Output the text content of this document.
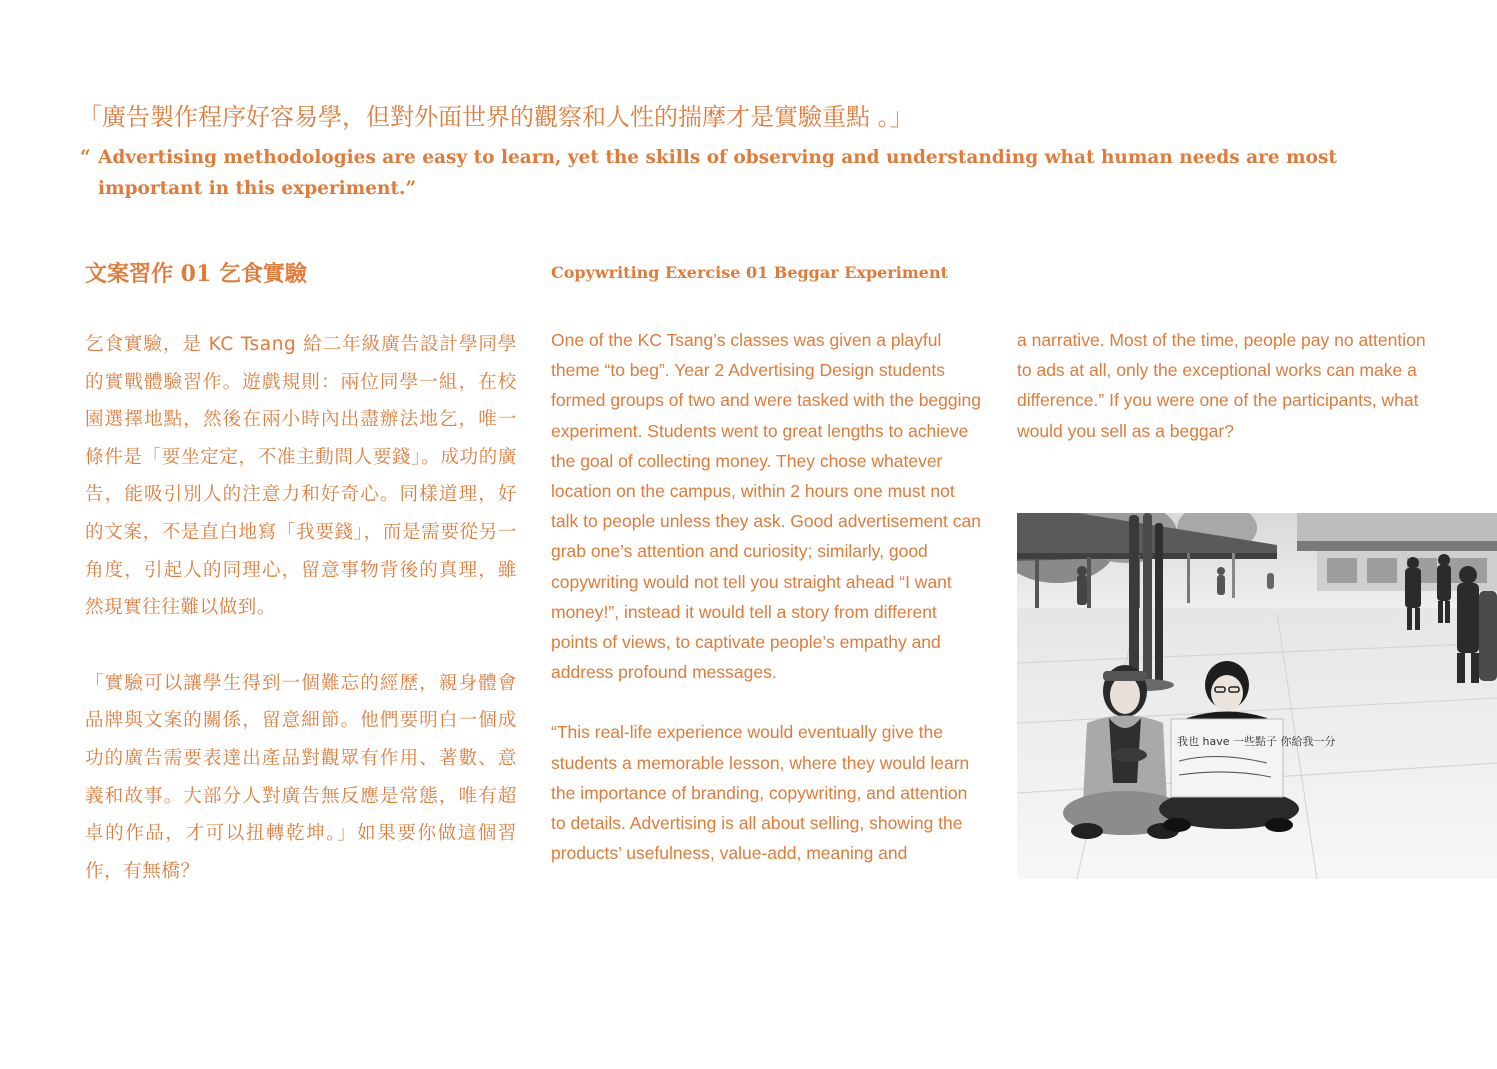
「廣告製作程序好容易學，但對外面世界的觀察和人性的揣摩才是實驗重點 。」
“ Advertising methodologies are easy to learn, yet the skills of observing and understanding what human needs are most important in this experiment.”
文案習作 01 乞食實驗	Copywriting Exercise 01 Beggar Experiment

乞食實驗，是 KC Tsang 給二年級廣告設計學同學的實戰體驗習作。遊戲規則：兩位同學一組，在校園選擇地點，然後在兩小時內出盡辦法地乞，唯一條件是「要坐定定，不准主動問人要錢」。成功的廣告，能吸引別人的注意力和好奇心。同樣道理，好的文案，不是直白地寫「我要錢」，而是需要從另一角度，引起人的同理心，留意事物背後的真理，雖然現實往往難以做到。

「實驗可以讓學生得到一個難忘的經歷，親身體會品牌與文案的關係，留意細節。他們要明白一個成功的廣告需要表達出產品對觀眾有作用、著數、意義和故事。大部分人對廣告無反應是常態，唯有超卓的作品，才可以扭轉乾坤。」如果要你做這個習作，有無橋？

One of the KC Tsang’s classes was given a playful theme “to beg”. Year 2 Advertising Design students formed groups of two and were tasked with the begging experiment. Students went to great lengths to achieve the goal of collecting money. They chose whatever location on the campus, within 2 hours one must not talk to people unless they ask. Good advertisement can grab one’s attention and curiosity; similarly, good copywriting would not tell you straight ahead “I want money!”, instead it would tell a story from different points of views, to captivate people’s empathy and address profound messages.

“This real-life experience would eventually give the students a memorable lesson, where they would learn the importance of branding, copywriting, and attention to details. Advertising is all about selling, showing the products’ usefulness, value-add, meaning and

a narrative. Most of the time, people pay no attention to ads at all, only the exceptional works can make a difference.” If you were one of the participants, what would you sell as a beggar?

我也 have 一些點子 你給我一分
